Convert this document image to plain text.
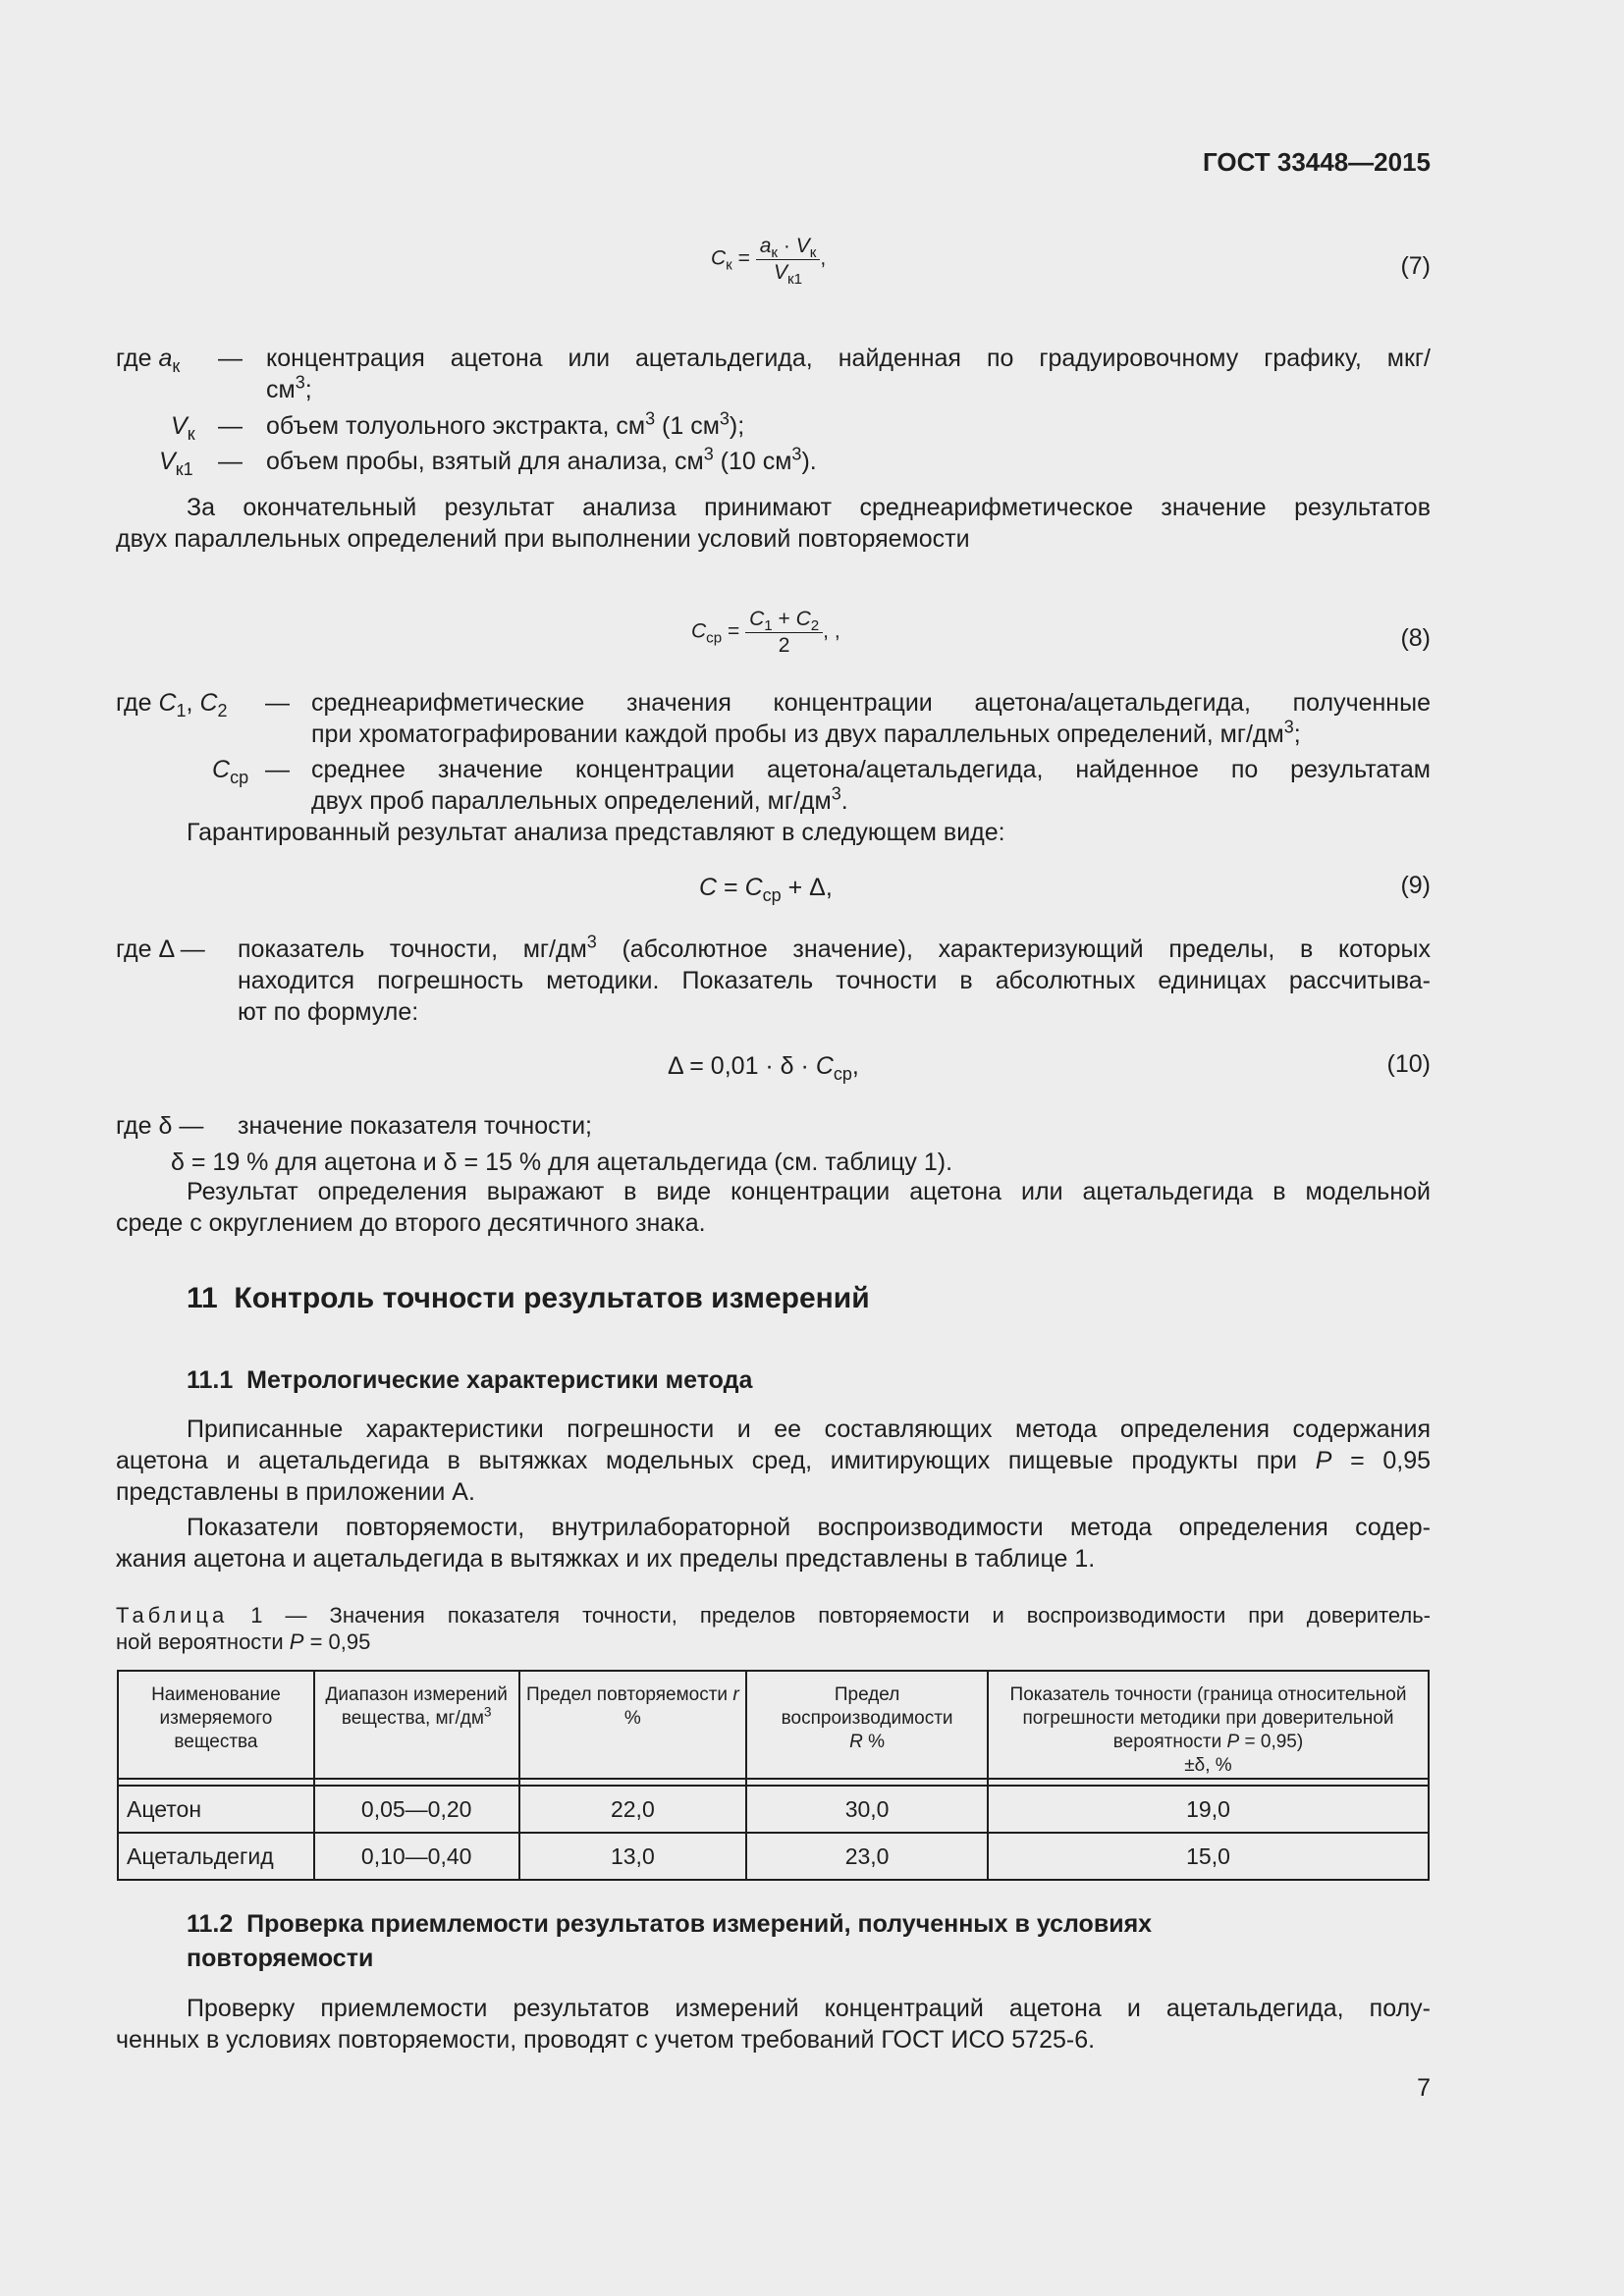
ГОСТ 33448—2015
$C_к = \frac{a_к \cdot V_к}{V_{к1}}$ ,	(7)
где $a_к$ — концентрация ацетона или ацетальдегида, найденная по градуировочному графику, мкг/
$см^3$;
$V_к$ — объем толуольного экстракта, $см^3$ (1 $см^3$);
$V_{к1}$ — объем пробы, взятый для анализа, $см^3$ (10 $см^3$).
За окончательный результат анализа принимают среднеарифметическое значение результатов
двух параллельных определений при выполнении условий повторяемости
$C_{ср} = \frac{C_1 + C_2}{2}$ , ,	(8)
где $C_1$, $C_2$ — среднеарифметические значения концентрации ацетона/ацетальдегида, полученные
при хроматографировании каждой пробы из двух параллельных определений, $мг/дм^3$;
$C_{ср}$ — среднее значение концентрации ацетона/ацетальдегида, найденное по результатам
двух проб параллельных определений, $мг/дм^3$.
Гарантированный результат анализа представляют в следующем виде:
$C = C_{ср} + \Delta$,	(9)
где Δ — показатель точности, $мг/дм^3$ (абсолютное значение), характеризующий пределы, в которых
находится погрешность методики. Показатель точности в абсолютных единицах рассчитыва-
ют по формуле:
$\Delta = 0,01 \cdot \delta \cdot C_{ср}$,	(10)
где δ — значение показателя точности;
δ = 19 % для ацетона и δ = 15 % для ацетальдегида (см. таблицу 1).
Результат определения выражают в виде концентрации ацетона или ацетальдегида в модельной
среде с округлением до второго десятичного знака.
11  Контроль точности результатов измерений
11.1  Метрологические характеристики метода
Приписанные характеристики погрешности и ее составляющих метода определения содержания
ацетона и ацетальдегида в вытяжках модельных сред, имитирующих пищевые продукты при P = 0,95
представлены в приложении А.
Показатели повторяемости, внутрилабораторной воспроизводимости метода определения содер-
жания ацетона и ацетальдегида в вытяжках и их пределы представлены в таблице 1.
Таблица 1 — Значения показателя точности, пределов повторяемости и воспроизводимости при доверитель-
ной вероятности P = 0,95
Наименование измеряемого вещества	Диапазон измерений вещества, $мг/дм^3$	Предел повторяемости r %	Предел воспроизводимости
R %	Показатель точности (граница относительной погрешности методики при доверительной вероятности P = 0,95)
±δ, %

Ацетон	0,05—0,20	22,0	30,0	19,0
Ацетальдегид	0,10—0,40	13,0	23,0	15,0
11.2  Проверка приемлемости результатов измерений, полученных в условиях
повторяемости
Проверку приемлемости результатов измерений концентраций ацетона и ацетальдегида, полу-
ченных в условиях повторяемости, проводят с учетом требований ГОСТ ИСО 5725-6.
7
